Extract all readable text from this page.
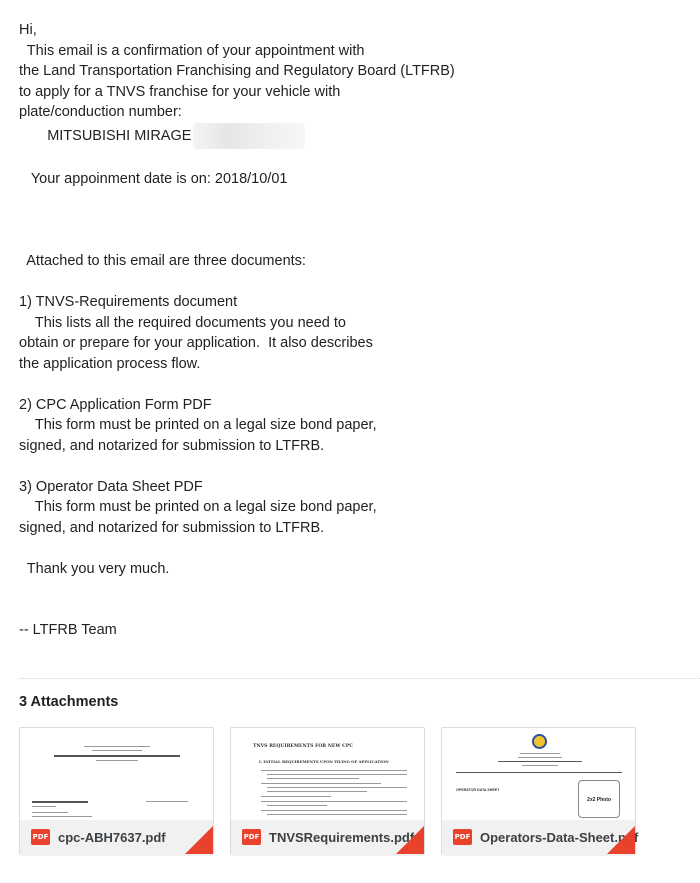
Hi,
This email is a confirmation of your appointment with
the Land Transportation Franchising and Regulatory Board (LTFRB)
to apply for a TNVS franchise for your vehicle with
plate/conduction number:
MITSUBISHI MIRAGE
Your appoinment date is on: 2018/10/01
Attached to this email are three documents:
1) TNVS-Requirements document
This lists all the required documents you need to
obtain or prepare for your application.  It also describes
the application process flow.
2) CPC Application Form PDF
This form must be printed on a legal size bond paper,
signed, and notarized for submission to LTFRB.
3) Operator Data Sheet PDF
This form must be printed on a legal size bond paper,
signed, and notarized for submission to LTFRB.
Thank you very much.
-- LTFRB Team
3 Attachments
PDF cpc-ABH7637.pdf
TNVS REQUIREMENTS FOR NEW CPC
I. INITIAL REQUIREMENTS UPON FILING OF APPLICATION
PDF TNVSRequirements.pdf
OPERATOR DATA SHEET
2x2 Photo
PDF Operators-Data-Sheet.pdf
